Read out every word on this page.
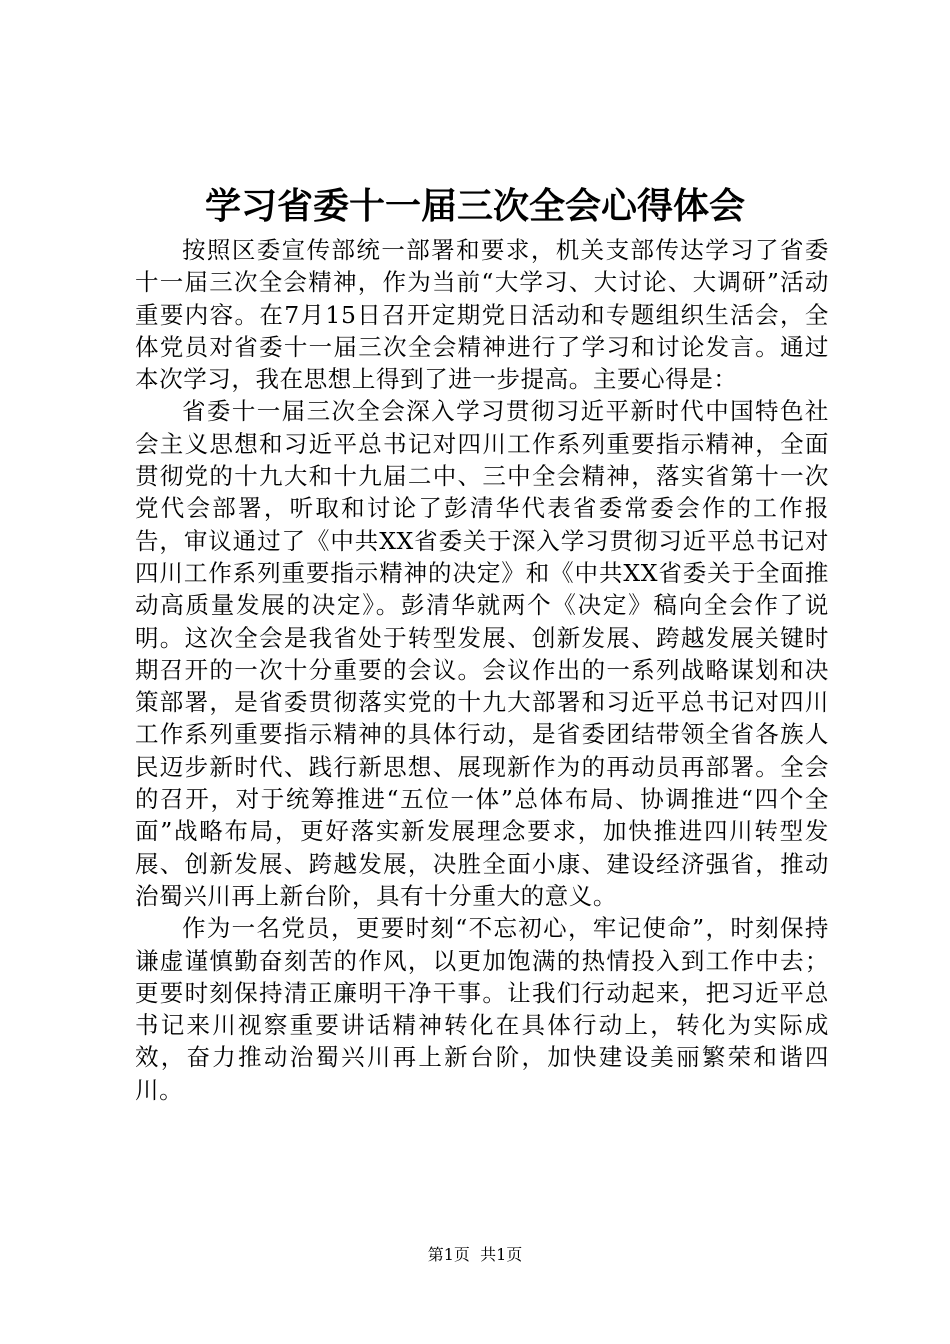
学习省委十一届三次全会心得体会

按照区委宣传部统一部署和要求，机关支部传达学习了省委十一届三次全会精神，作为当前“大学习、大讨论、大调研”活动重要内容。在7月15日召开定期党日活动和专题组织生活会，全体党员对省委十一届三次全会精神进行了学习和讨论发言。通过本次学习，我在思想上得到了进一步提高。主要心得是：

省委十一届三次全会深入学习贯彻习近平新时代中国特色社会主义思想和习近平总书记对四川工作系列重要指示精神，全面贯彻党的十九大和十九届二中、三中全会精神，落实省第十一次党代会部署，听取和讨论了彭清华代表省委常委会作的工作报告，审议通过了《中共XX省委关于深入学习贯彻习近平总书记对四川工作系列重要指示精神的决定》和《中共XX省委关于全面推动高质量发展的决定》。彭清华就两个《决定》稿向全会作了说明。这次全会是我省处于转型发展、创新发展、跨越发展关键时期召开的一次十分重要的会议。会议作出的一系列战略谋划和决策部署，是省委贯彻落实党的十九大部署和习近平总书记对四川工作系列重要指示精神的具体行动，是省委团结带领全省各族人民迈步新时代、践行新思想、展现新作为的再动员再部署。全会的召开，对于统筹推进“五位一体”总体布局、协调推进“四个全面”战略布局，更好落实新发展理念要求，加快推进四川转型发展、创新发展、跨越发展，决胜全面小康、建设经济强省，推动治蜀兴川再上新台阶，具有十分重大的意义。

作为一名党员，更要时刻“不忘初心，牢记使命”，时刻保持谦虚谨慎勤奋刻苦的作风，以更加饱满的热情投入到工作中去；更要时刻保持清正廉明干净干事。让我们行动起来，把习近平总书记来川视察重要讲话精神转化在具体行动上，转化为实际成效，奋力推动治蜀兴川再上新台阶，加快建设美丽繁荣和谐四川。

第1页 共1页
